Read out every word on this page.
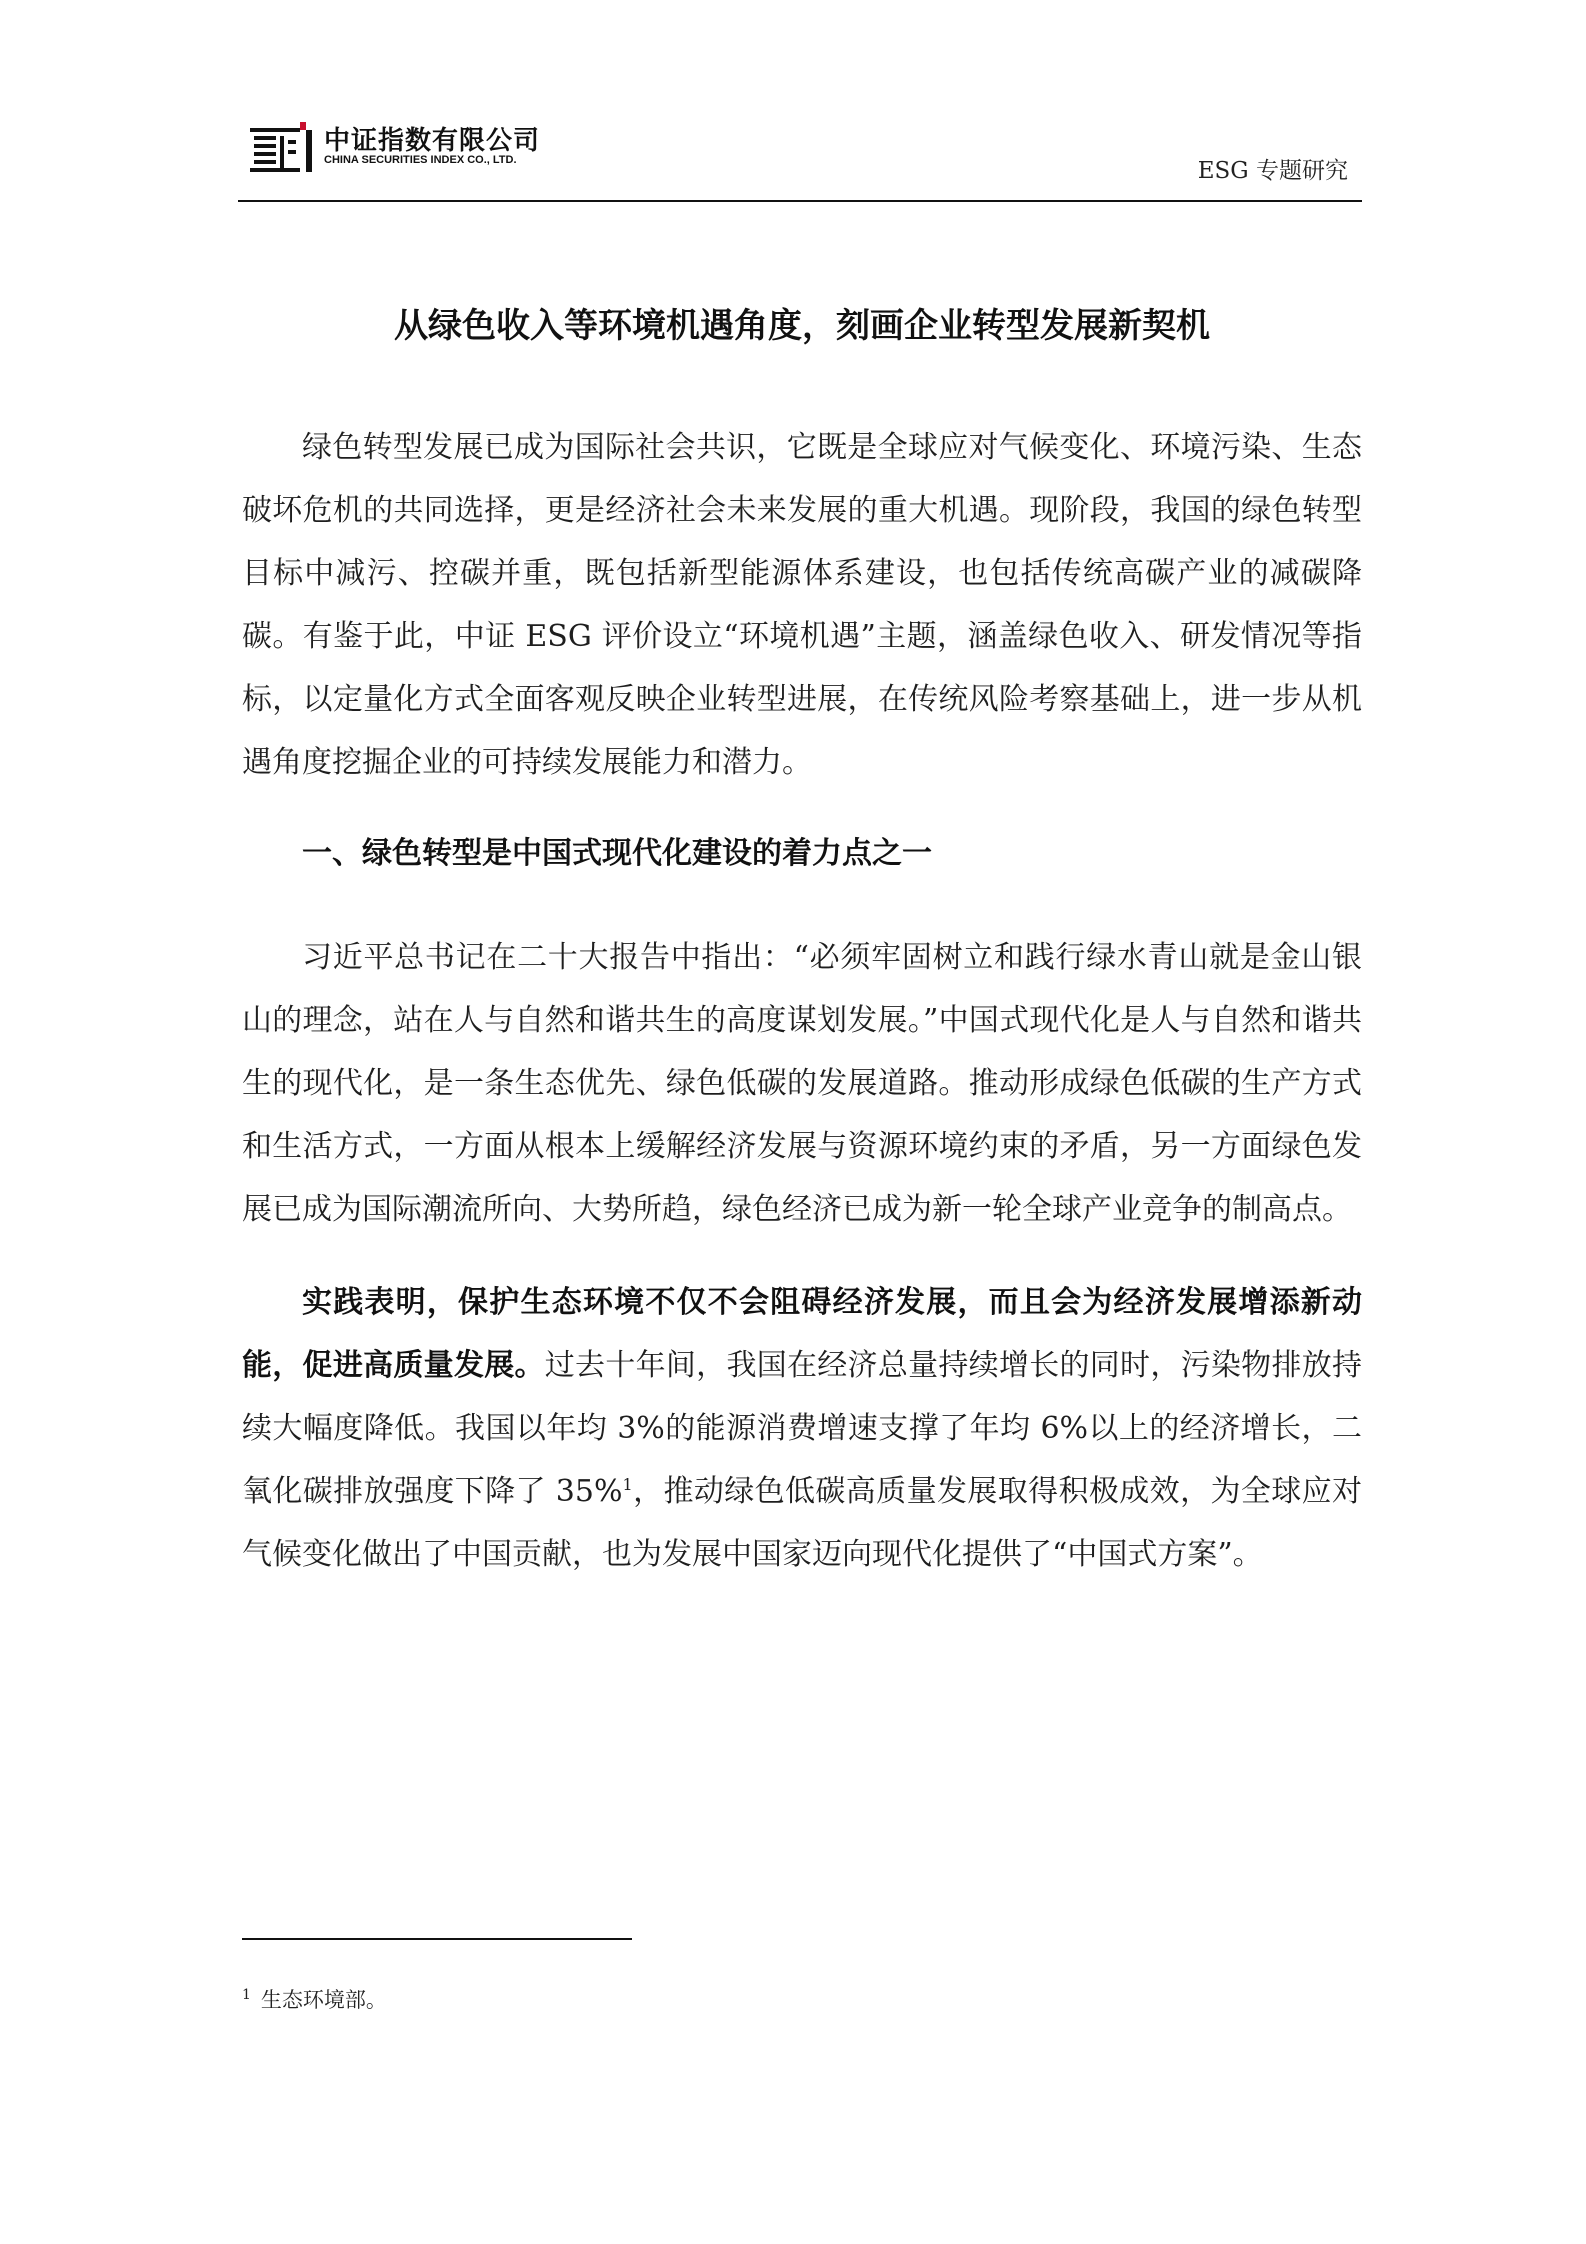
中证指数有限公司
CHINA SECURITIES INDEX CO., LTD.	ESG 专题研究
从绿色收入等环境机遇角度，刻画企业转型发展新契机

绿色转型发展已成为国际社会共识，它既是全球应对气候变化、环境污染、生态破坏危机的共同选择，更是经济社会未来发展的重大机遇。现阶段，我国的绿色转型目标中减污、控碳并重，既包括新型能源体系建设，也包括传统高碳产业的减碳降碳。有鉴于此，中证 ESG 评价设立“环境机遇”主题，涵盖绿色收入、研发情况等指标，以定量化方式全面客观反映企业转型进展，在传统风险考察基础上，进一步从机遇角度挖掘企业的可持续发展能力和潜力。

一、绿色转型是中国式现代化建设的着力点之一

习近平总书记在二十大报告中指出：“必须牢固树立和践行绿水青山就是金山银山的理念，站在人与自然和谐共生的高度谋划发展。”中国式现代化是人与自然和谐共生的现代化，是一条生态优先、绿色低碳的发展道路。推动形成绿色低碳的生产方式和生活方式，一方面从根本上缓解经济发展与资源环境约束的矛盾，另一方面绿色发展已成为国际潮流所向、大势所趋，绿色经济已成为新一轮全球产业竞争的制高点。

实践表明，保护生态环境不仅不会阻碍经济发展，而且会为经济发展增添新动能，促进高质量发展。过去十年间，我国在经济总量持续增长的同时，污染物排放持续大幅度降低。我国以年均 3%的能源消费增速支撑了年均 6%以上的经济增长，二氧化碳排放强度下降了 35%$^1$，推动绿色低碳高质量发展取得积极成效，为全球应对气候变化做出了中国贡献，也为发展中国家迈向现代化提供了“中国式方案”。

$^1$ 生态环境部。
